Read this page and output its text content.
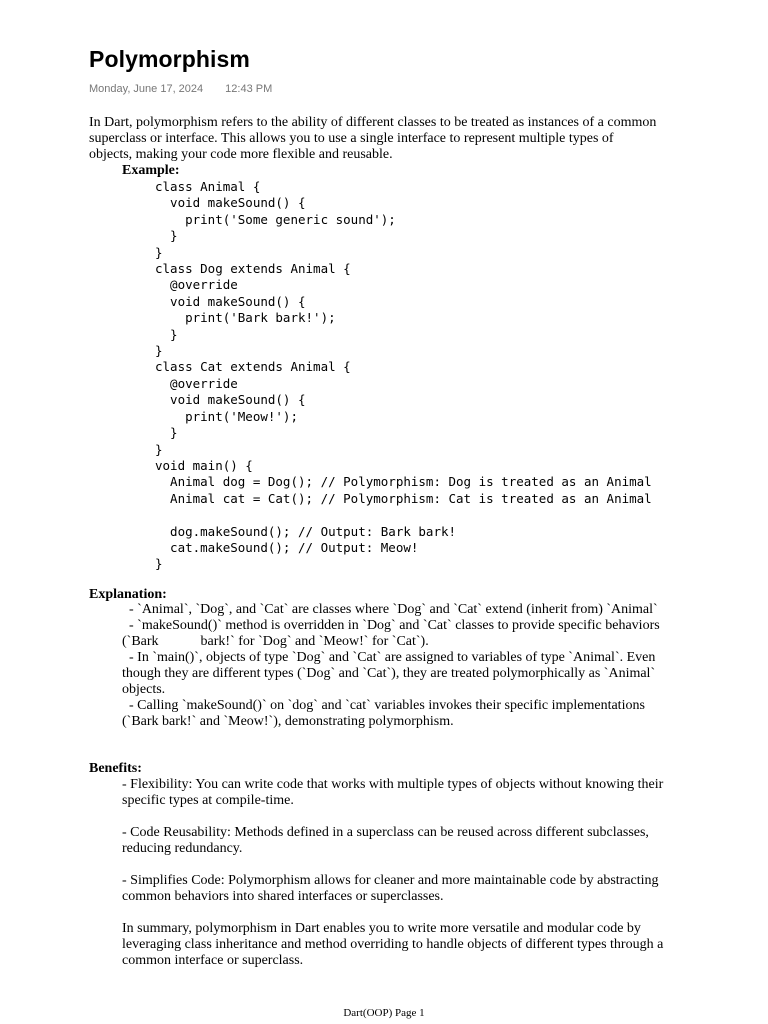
Polymorphism
Monday, June 17, 2024 12:43 PM
In Dart, polymorphism refers to the ability of different classes to be treated as instances of a common superclass or interface. This allows you to use a single interface to represent multiple types of objects, making your code more flexible and reusable.
Example:
class Animal {
void makeSound() {
print('Some generic sound');
}
}
class Dog extends Animal {
@override
void makeSound() {
print('Bark bark!');
}
}
class Cat extends Animal {
@override
void makeSound() {
print('Meow!');
}
}
void main() {
Animal dog = Dog(); // Polymorphism: Dog is treated as an Animal
Animal cat = Cat(); // Polymorphism: Cat is treated as an Animal

dog.makeSound(); // Output: Bark bark!
cat.makeSound(); // Output: Meow!
}
Explanation:

- `Animal`, `Dog`, and `Cat` are classes where `Dog` and `Cat` extend (inherit from) `Animal`

- `makeSound()` method is overridden in `Dog` and `Cat` classes to provide specific behaviors (`Bark            bark!` for `Dog` and `Meow!` for `Cat`).

- In `main()`, objects of type `Dog` and `Cat` are assigned to variables of type `Animal`. Even though they are different types (`Dog` and `Cat`), they are treated polymorphically as `Animal` objects.

- Calling `makeSound()` on `dog` and `cat` variables invokes their specific implementations (`Bark bark!` and `Meow!`), demonstrating polymorphism.

Benefits:

- Flexibility: You can write code that works with multiple types of objects without knowing their specific types at compile-time.

- Code Reusability: Methods defined in a superclass can be reused across different subclasses, reducing redundancy.

- Simplifies Code: Polymorphism allows for cleaner and more maintainable code by abstracting common behaviors into shared interfaces or superclasses.

In summary, polymorphism in Dart enables you to write more versatile and modular code by leveraging class inheritance and method overriding to handle objects of different types through a common interface or superclass.

Dart(OOP) Page 1
